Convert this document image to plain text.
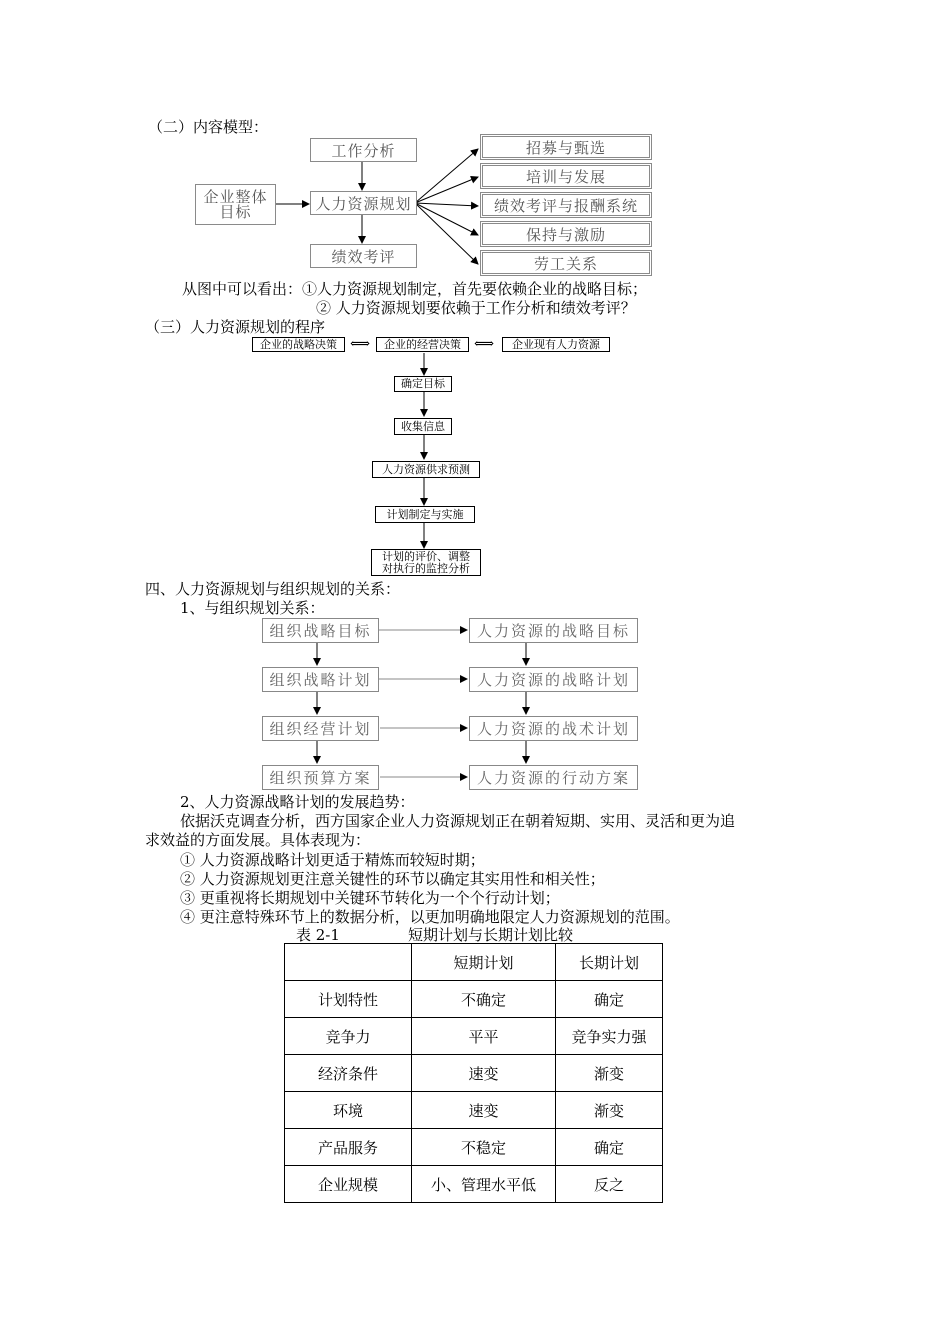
（二）内容模型：
工作分析
企业整体
目标	人力资源规划
绩效考评
招募与甄选
培训与发展
绩效考评与报酬系统
保持与激励
劳工关系
从图中可以看出：①人力资源规划制定，首先要依赖企业的战略目标；
② 人力资源规划要依赖于工作分析和绩效考评？
（三）人力资源规划的程序
企业的战略决策 ⟺	企业的经营决策 ⟺	企业现有人力资源
确定目标
收集信息
人力资源供求预测
计划制定与实施
计划的评价、调整
对执行的监控分析
四、人力资源规划与组织规划的关系：
1、与组织规划关系：
组织战略目标
组织战略计划
组织经营计划
组织预算方案
人力资源的战略目标
人力资源的战略计划
人力资源的战术计划
人力资源的行动方案
2、人力资源战略计划的发展趋势：
依据沃克调查分析，西方国家企业人力资源规划正在朝着短期、实用、灵活和更为追
求效益的方面发展。具体表现为：
① 人力资源战略计划更适于精炼而较短时期；
② 人力资源规划更注意关键性的环节以确定其实用性和相关性；
③ 更重视将长期规划中关键环节转化为一个个行动计划；
④ 更注意特殊环节上的数据分析，以更加明确地限定人力资源规划的范围。
表 2-1	短期计划与长期计划比较
	短期计划	长期计划
计划特性	不确定	确定
竞争力	平平	竞争实力强
经济条件	速变	渐变
环境	速变	渐变
产品服务	不稳定	确定
企业规模	小、管理水平低	反之
